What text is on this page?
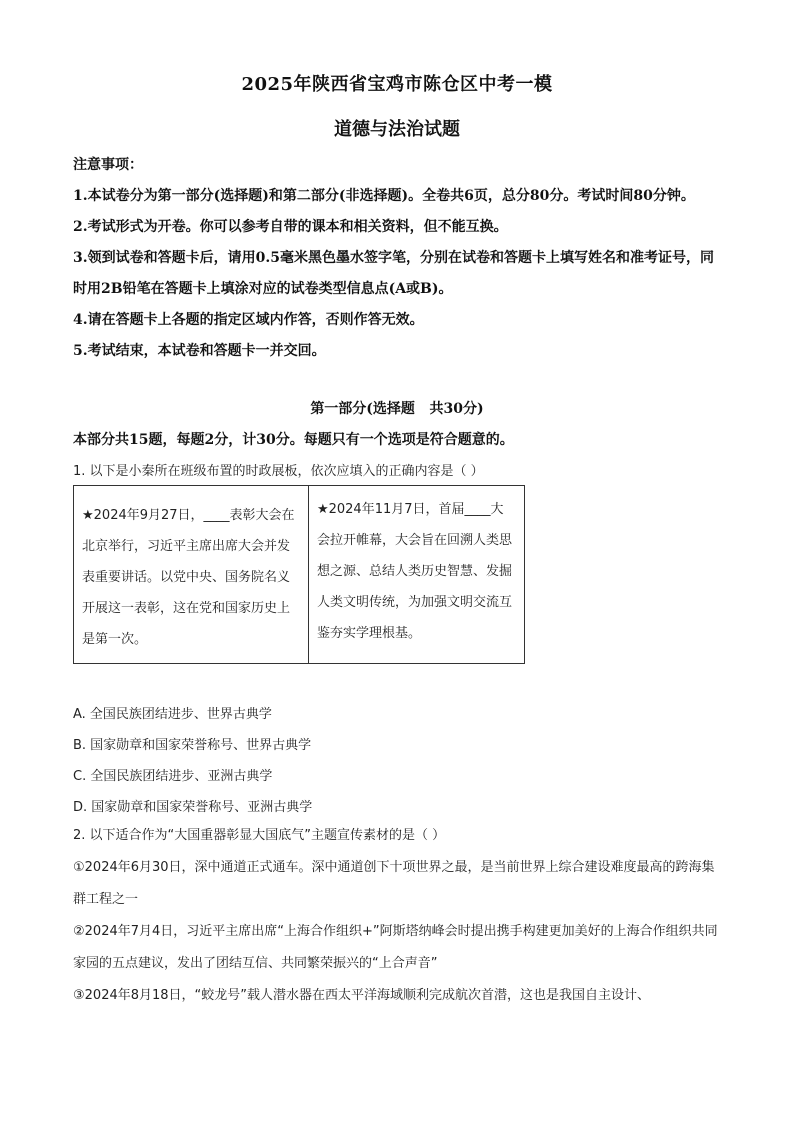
2025年陕西省宝鸡市陈仓区中考一模
道德与法治试题

注意事项：

1.本试卷分为第一部分(选择题)和第二部分(非选择题)。全卷共6页，总分80分。考试时间80分钟。

2.考试形式为开卷。你可以参考自带的课本和相关资料，但不能互换。

3.领到试卷和答题卡后，请用0.5毫米黑色墨水签字笔，分别在试卷和答题卡上填写姓名和准考证号，同时用2B铅笔在答题卡上填涂对应的试卷类型信息点(A或B)。

4.请在答题卡上各题的指定区域内作答，否则作答无效。

5.考试结束，本试卷和答题卡一并交回。

第一部分(选择题   共30分)
本部分共15题，每题2分，计30分。每题只有一个选项是符合题意的。
1. 以下是小秦所在班级布置的时政展板，依次应填入的正确内容是（ ）
★2024年9月27日，____表彰大会在北京举行，习近平主席出席大会并发表重要讲话。以党中央、国务院名义开展这一表彰，这在党和国家历史上是第一次。
★2024年11月7日，首届____大会拉开帷幕，大会旨在回溯人类思想之源、总结人类历史智慧、发掘人类文明传统，为加强文明交流互鉴夯实学理根基。
A. 全国民族团结进步、世界古典学
B. 国家勋章和国家荣誉称号、世界古典学
C. 全国民族团结进步、亚洲古典学
D. 国家勋章和国家荣誉称号、亚洲古典学
2. 以下适合作为“大国重器彰显大国底气”主题宣传素材的是（ ）

①2024年6月30日，深中通道正式通车。深中通道创下十项世界之最，是当前世界上综合建设难度最高的跨海集群工程之一

②2024年7月4日，习近平主席出席“上海合作组织+”阿斯塔纳峰会时提出携手构建更加美好的上海合作组织共同家园的五点建议，发出了团结互信、共同繁荣振兴的“上合声音”

③2024年8月18日，“蛟龙号”载人潜水器在西太平洋海域顺利完成航次首潜，这也是我国自主设计、
